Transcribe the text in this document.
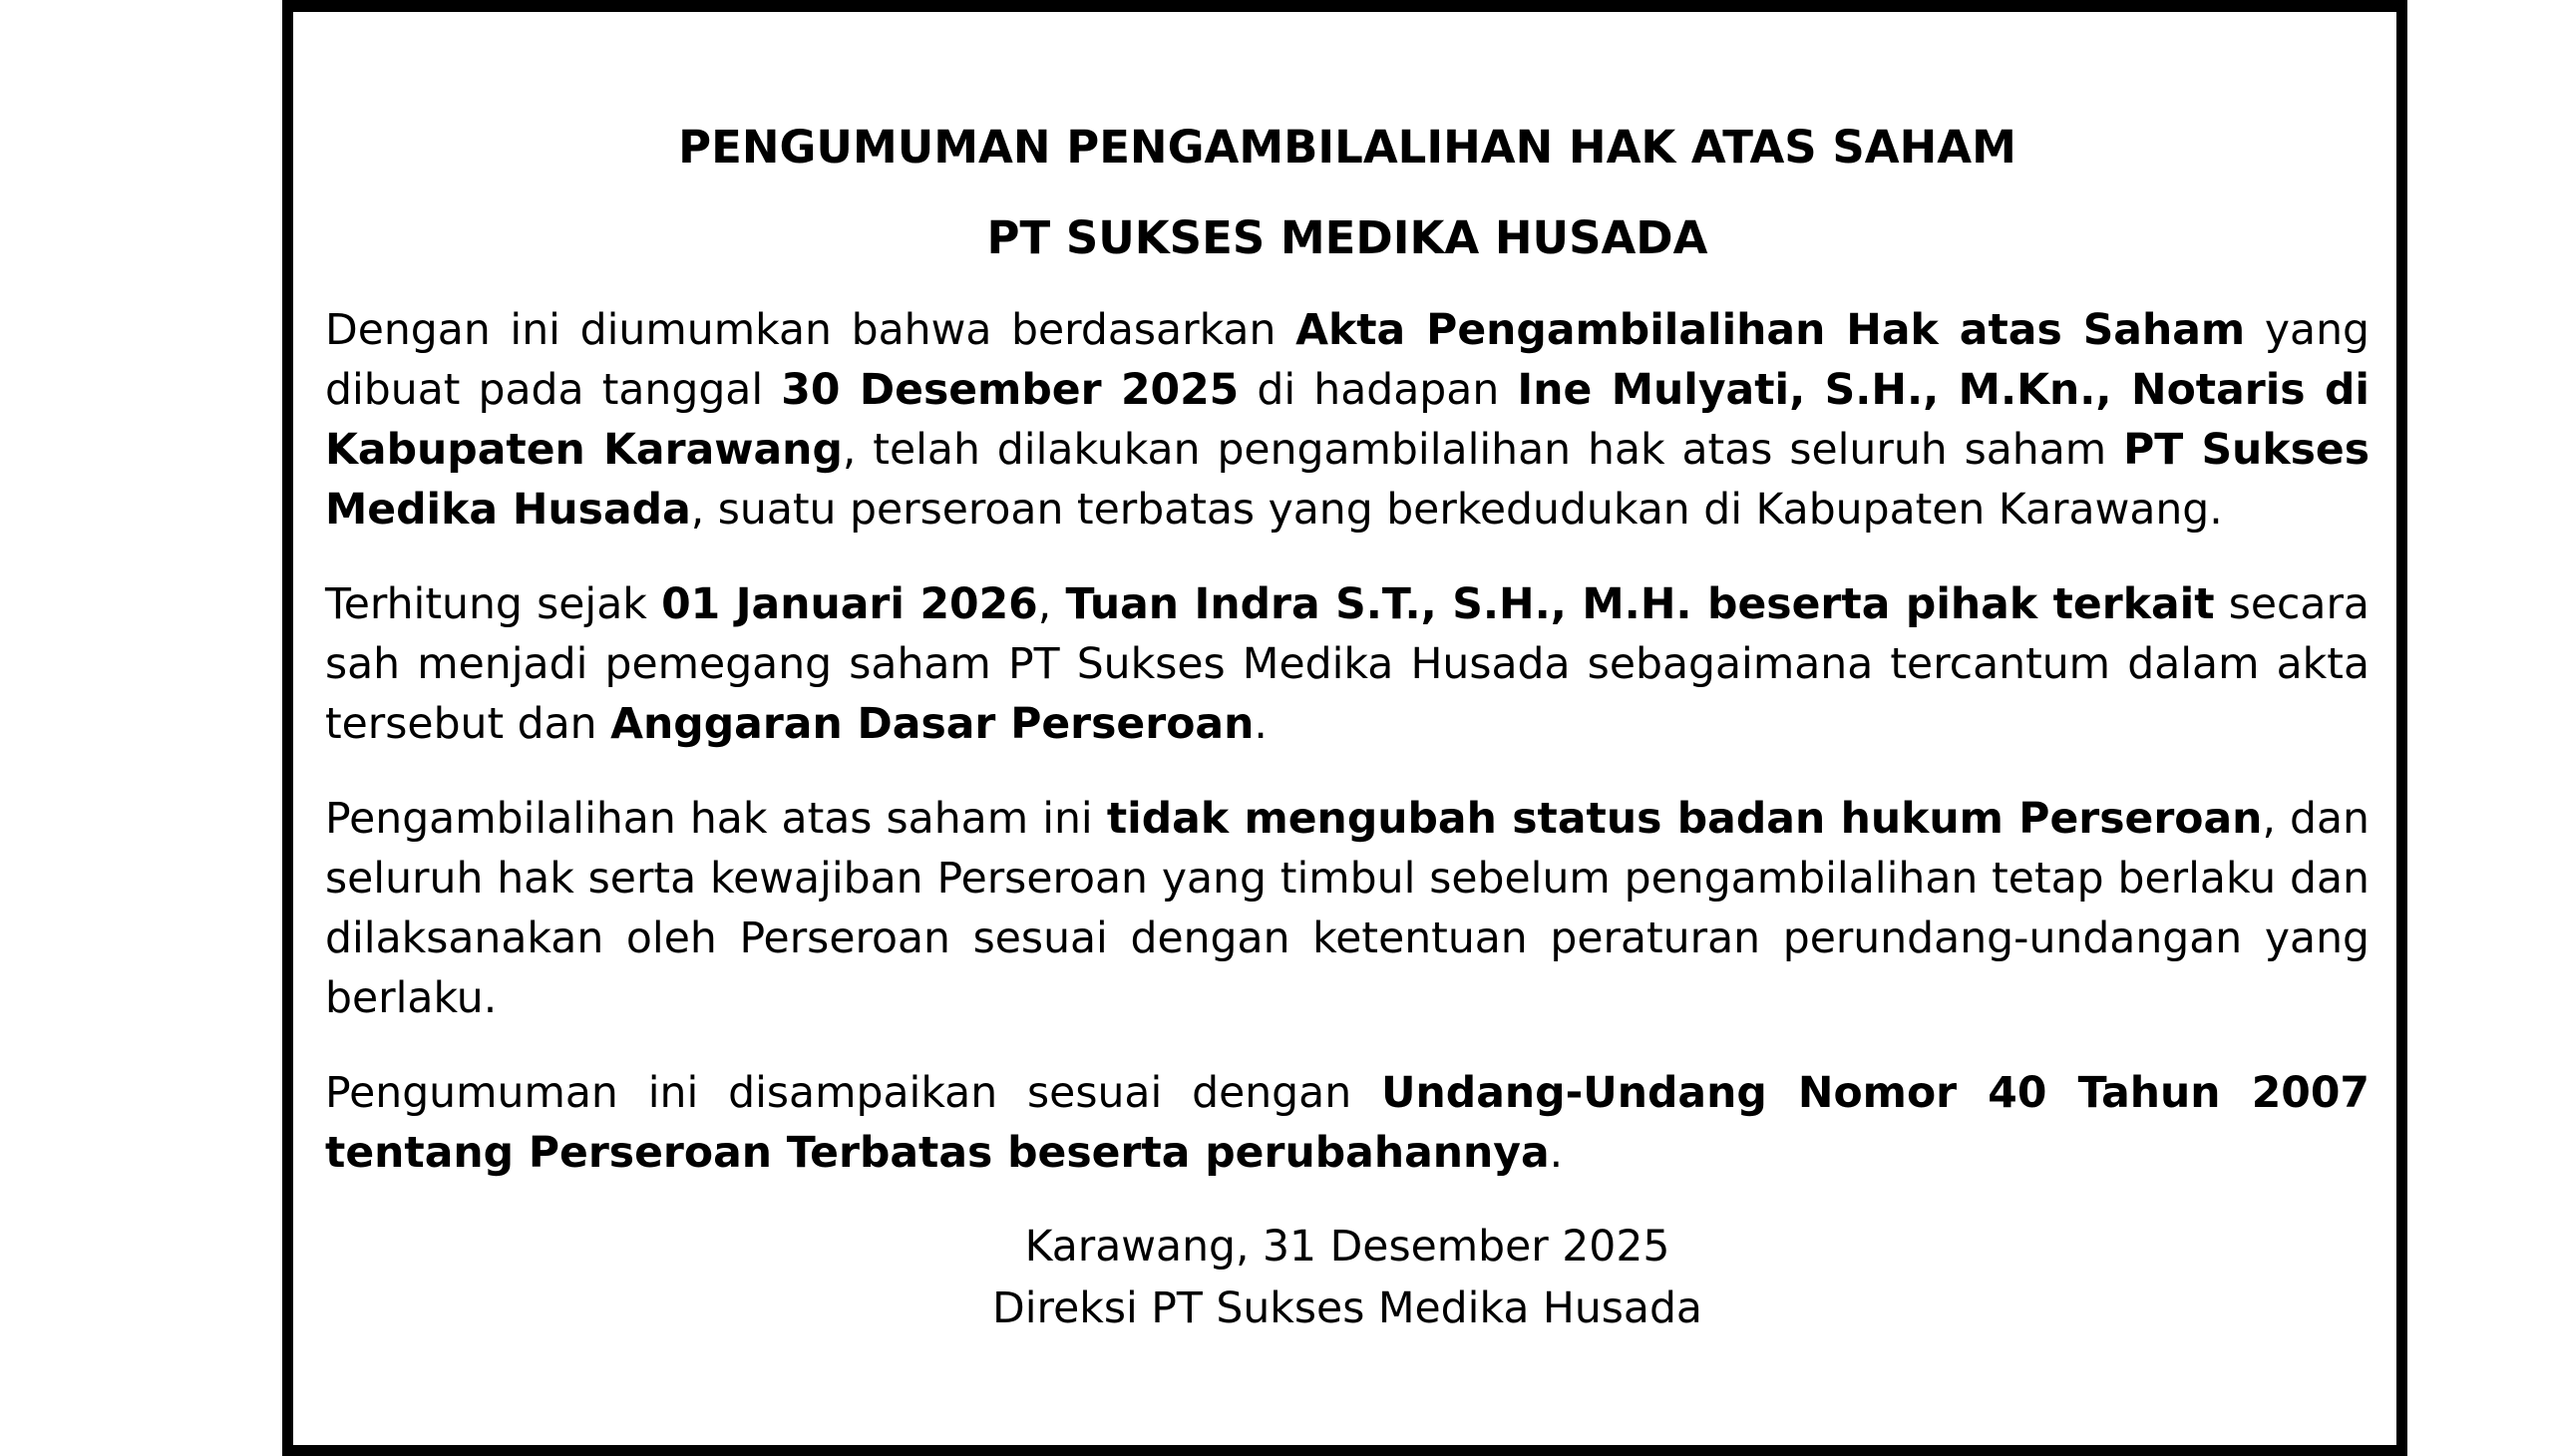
PENGUMUMAN PENGAMBILALIHAN HAK ATAS SAHAM
PT SUKSES MEDIKA HUSADA

Dengan ini diumumkan bahwa berdasarkan Akta Pengambilalihan Hak atas Saham yang dibuat pada tanggal 30 Desember 2025 di hadapan Ine Mulyati, S.H., M.Kn., Notaris di Kabupaten Karawang, telah dilakukan pengambilalihan hak atas seluruh saham PT Sukses Medika Husada, suatu perseroan terbatas yang berkedudukan di Kabupaten Karawang.

Terhitung sejak 01 Januari 2026, Tuan Indra S.T., S.H., M.H. beserta pihak terkait secara sah menjadi pemegang saham PT Sukses Medika Husada sebagaimana tercantum dalam akta tersebut dan Anggaran Dasar Perseroan.

Pengambilalihan hak atas saham ini tidak mengubah status badan hukum Perseroan, dan seluruh hak serta kewajiban Perseroan yang timbul sebelum pengambilalihan tetap berlaku dan dilaksanakan oleh Perseroan sesuai dengan ketentuan peraturan perundang-undangan yang berlaku.

Pengumuman ini disampaikan sesuai dengan Undang-Undang Nomor 40 Tahun 2007 tentang Perseroan Terbatas beserta perubahannya.

Karawang, 31 Desember 2025
Direksi PT Sukses Medika Husada
